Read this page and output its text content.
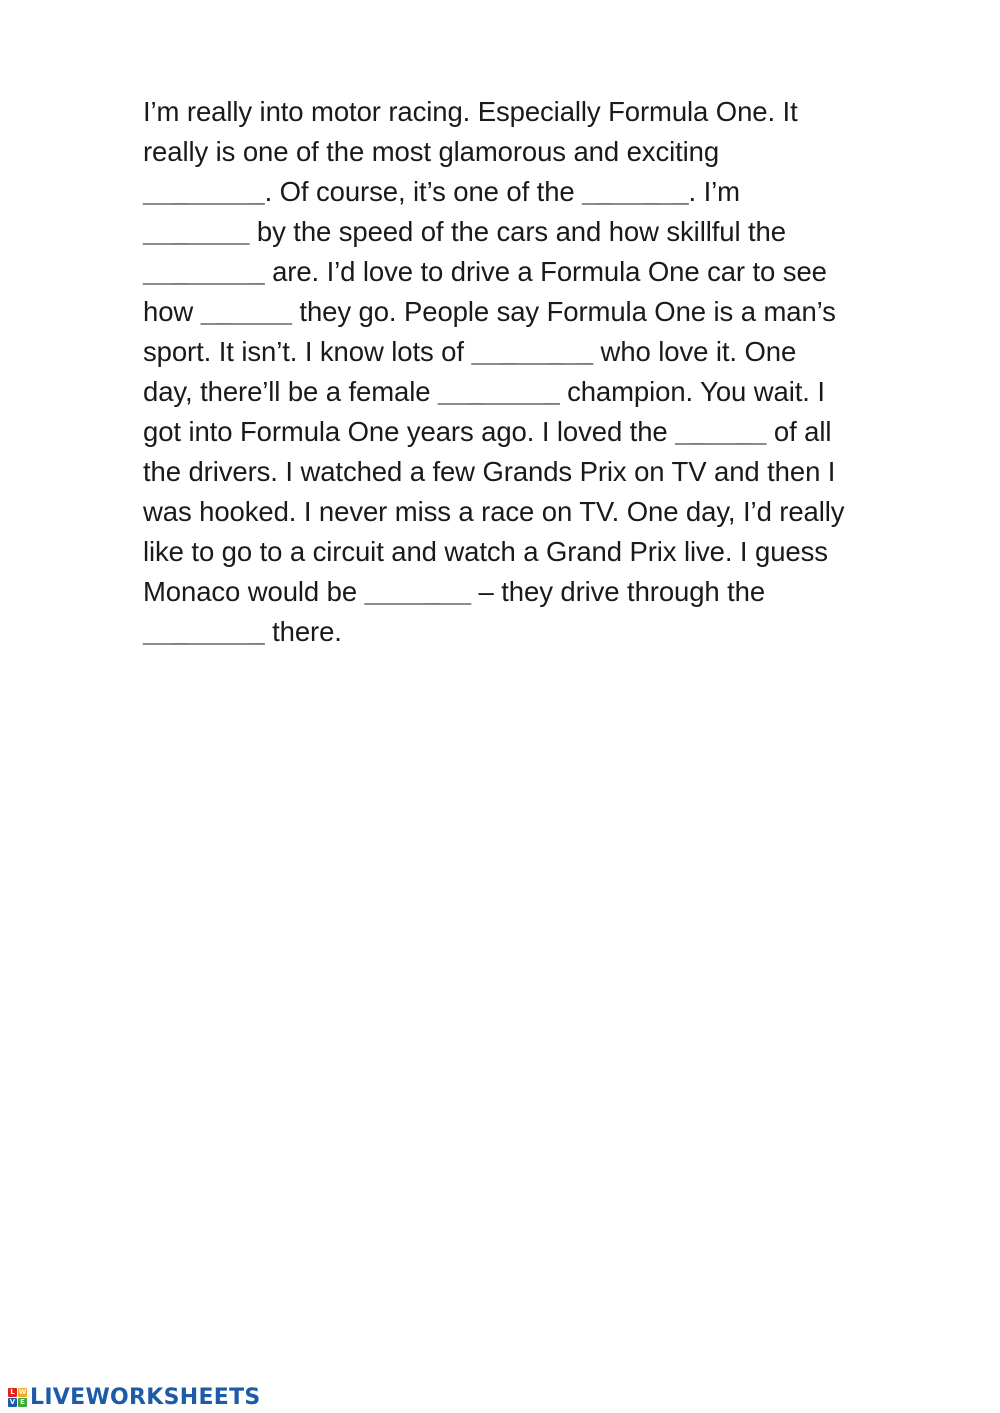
I’m really into motor racing. Especially Formula One. It
really is one of the most glamorous and exciting
________. Of course, it’s one of the _______. I’m
_______ by the speed of the cars and how skillful the
________ are. I’d love to drive a Formula One car to see
how ______ they go. People say Formula One is a man’s
sport. It isn’t. I know lots of ________ who love it. One
day, there’ll be a female ________ champion. You wait. I
got into Formula One years ago. I loved the ______ of all
the drivers. I watched a few Grands Prix on TV and then I
was hooked. I never miss a race on TV. One day, I’d really
like to go to a circuit and watch a Grand Prix live. I guess
Monaco would be _______ – they drive through the
________ there.
L W
V E LIVEWORKSHEETS
